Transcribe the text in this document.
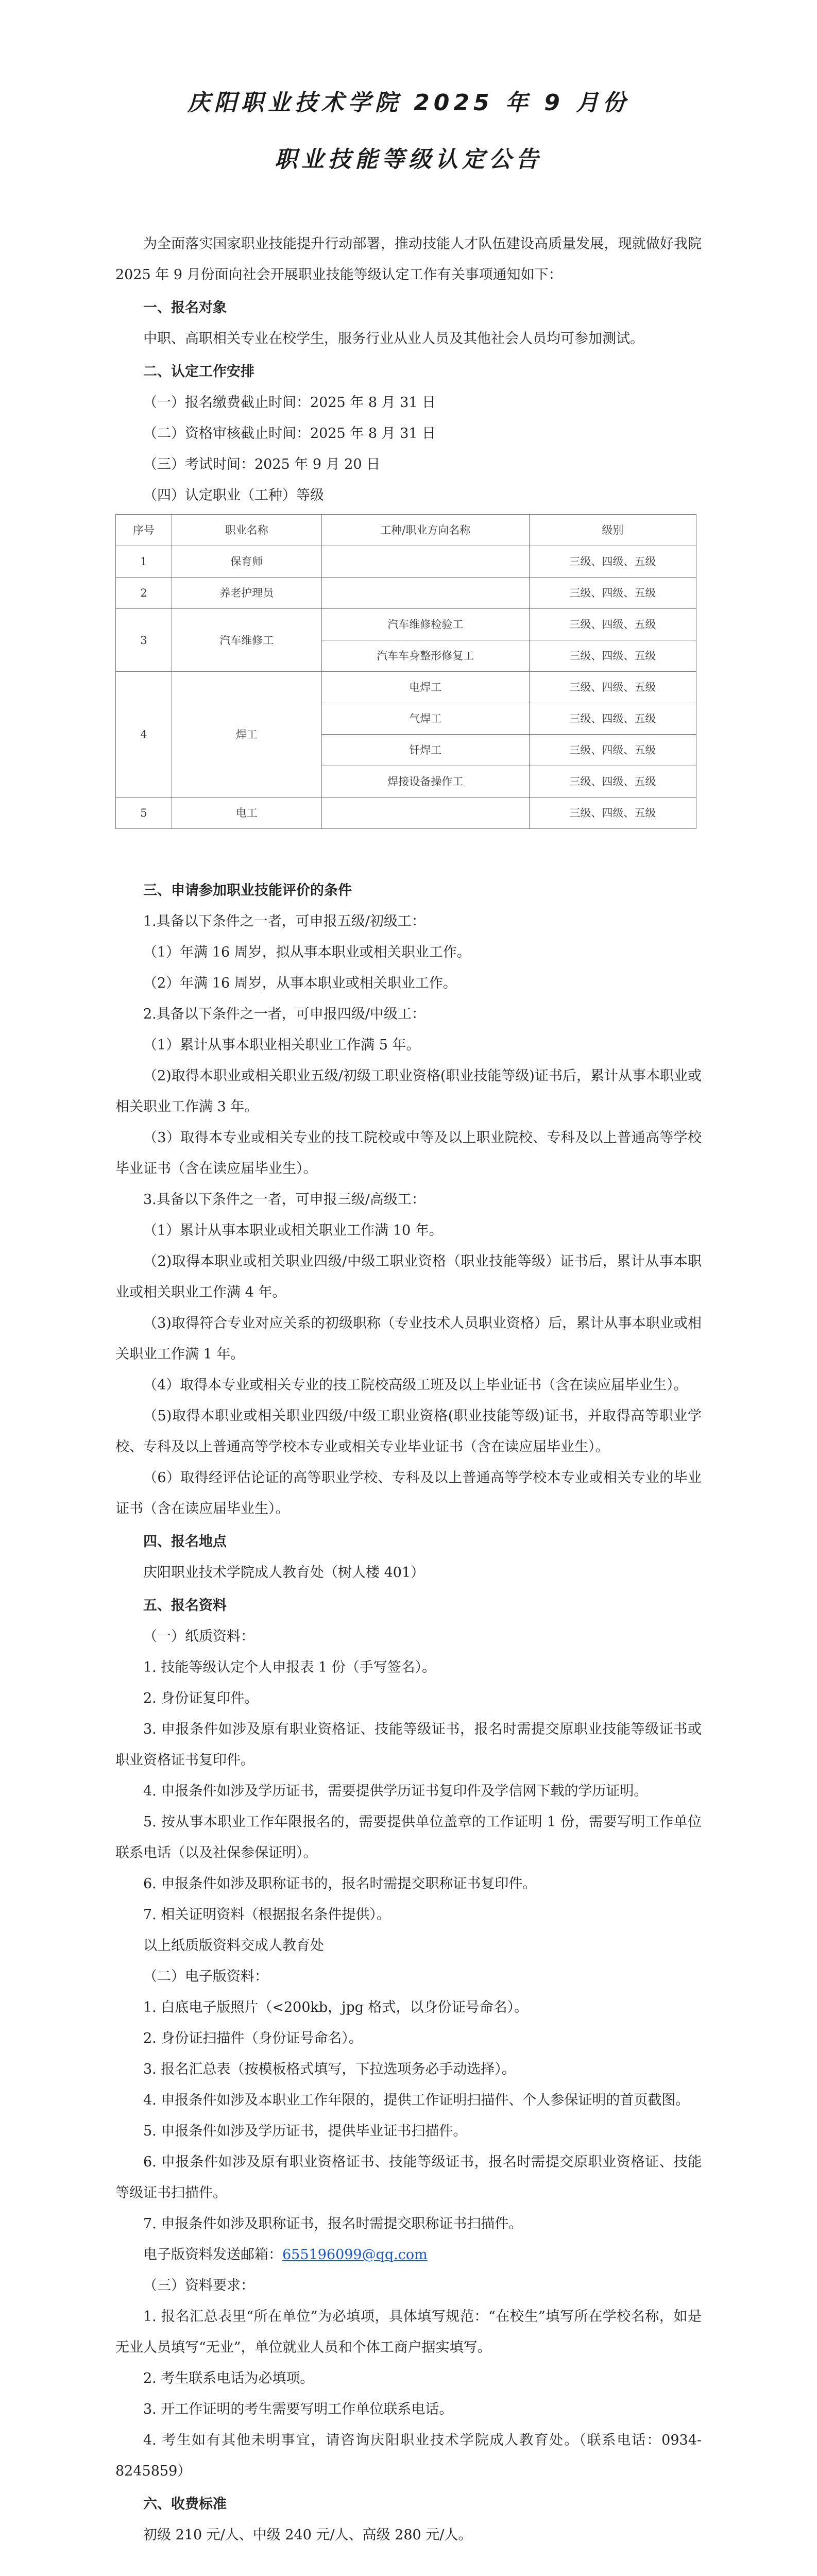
庆阳职业技术学院 2025 年 9 月份
职业技能等级认定公告

为全面落实国家职业技能提升行动部署，推动技能人才队伍建设高质量发展，现就做好我院 2025 年 9 月份面向社会开展职业技能等级认定工作有关事项通知如下：

一、报名对象

中职、高职相关专业在校学生，服务行业从业人员及其他社会人员均可参加测试。

二、认定工作安排

（一）报名缴费截止时间：2025 年 8 月 31 日

（二）资格审核截止时间：2025 年 8 月 31 日

（三）考试时间：2025 年 9 月 20 日

（四）认定职业（工种）等级

序号	职业名称	工种/职业方向名称	级别
1	保育师		三级、四级、五级
2	养老护理员		三级、四级、五级
3	汽车维修工	汽车维修检验工	三级、四级、五级
		汽车车身整形修复工	三级、四级、五级
4	焊工	电焊工	三级、四级、五级
		气焊工	三级、四级、五级
		钎焊工	三级、四级、五级
		焊接设备操作工	三级、四级、五级
5	电工		三级、四级、五级

三、申请参加职业技能评价的条件

1.具备以下条件之一者，可申报五级/初级工：

（1）年满 16 周岁，拟从事本职业或相关职业工作。

（2）年满 16 周岁，从事本职业或相关职业工作。

2.具备以下条件之一者，可申报四级/中级工：

（1）累计从事本职业相关职业工作满 5 年。

（2)取得本职业或相关职业五级/初级工职业资格(职业技能等级)证书后，累计从事本职业或相关职业工作满 3 年。

（3）取得本专业或相关专业的技工院校或中等及以上职业院校、专科及以上普通高等学校毕业证书（含在读应届毕业生）。

3.具备以下条件之一者，可申报三级/高级工：

（1）累计从事本职业或相关职业工作满 10 年。

（2)取得本职业或相关职业四级/中级工职业资格（职业技能等级）证书后，累计从事本职业或相关职业工作满 4 年。

（3)取得符合专业对应关系的初级职称（专业技术人员职业资格）后，累计从事本职业或相关职业工作满 1 年。

（4）取得本专业或相关专业的技工院校高级工班及以上毕业证书（含在读应届毕业生）。

（5)取得本职业或相关职业四级/中级工职业资格(职业技能等级)证书，并取得高等职业学校、专科及以上普通高等学校本专业或相关专业毕业证书（含在读应届毕业生）。

（6）取得经评估论证的高等职业学校、专科及以上普通高等学校本专业或相关专业的毕业证书（含在读应届毕业生）。

四、报名地点

庆阳职业技术学院成人教育处（树人楼 401）

五、报名资料

（一）纸质资料：

1. 技能等级认定个人申报表 1 份（手写签名）。

2. 身份证复印件。

3. 申报条件如涉及原有职业资格证、技能等级证书，报名时需提交原职业技能等级证书或职业资格证书复印件。

4. 申报条件如涉及学历证书，需要提供学历证书复印件及学信网下载的学历证明。

5. 按从事本职业工作年限报名的，需要提供单位盖章的工作证明 1 份，需要写明工作单位联系电话（以及社保参保证明）。

6. 申报条件如涉及职称证书的，报名时需提交职称证书复印件。

7. 相关证明资料（根据报名条件提供）。

以上纸质版资料交成人教育处

（二）电子版资料：

1. 白底电子版照片（<200kb，jpg 格式，以身份证号命名）。

2. 身份证扫描件（身份证号命名）。

3. 报名汇总表（按模板格式填写，下拉选项务必手动选择）。

4. 申报条件如涉及本职业工作年限的，提供工作证明扫描件、个人参保证明的首页截图。

5. 申报条件如涉及学历证书，提供毕业证书扫描件。

6. 申报条件如涉及原有职业资格证书、技能等级证书，报名时需提交原职业资格证、技能等级证书扫描件。

7. 申报条件如涉及职称证书，报名时需提交职称证书扫描件。

电子版资料发送邮箱：655196099@qq.com

（三）资料要求：

1. 报名汇总表里“所在单位”为必填项，具体填写规范：“在校生”填写所在学校名称，如是无业人员填写“无业”，单位就业人员和个体工商户据实填写。

2. 考生联系电话为必填项。

3. 开工作证明的考生需要写明工作单位联系电话。

4. 考生如有其他未明事宜，请咨询庆阳职业技术学院成人教育处。（联系电话：0934-8245859）

六、收费标准

初级 210 元/人、中级 240 元/人、高级 280 元/人。
